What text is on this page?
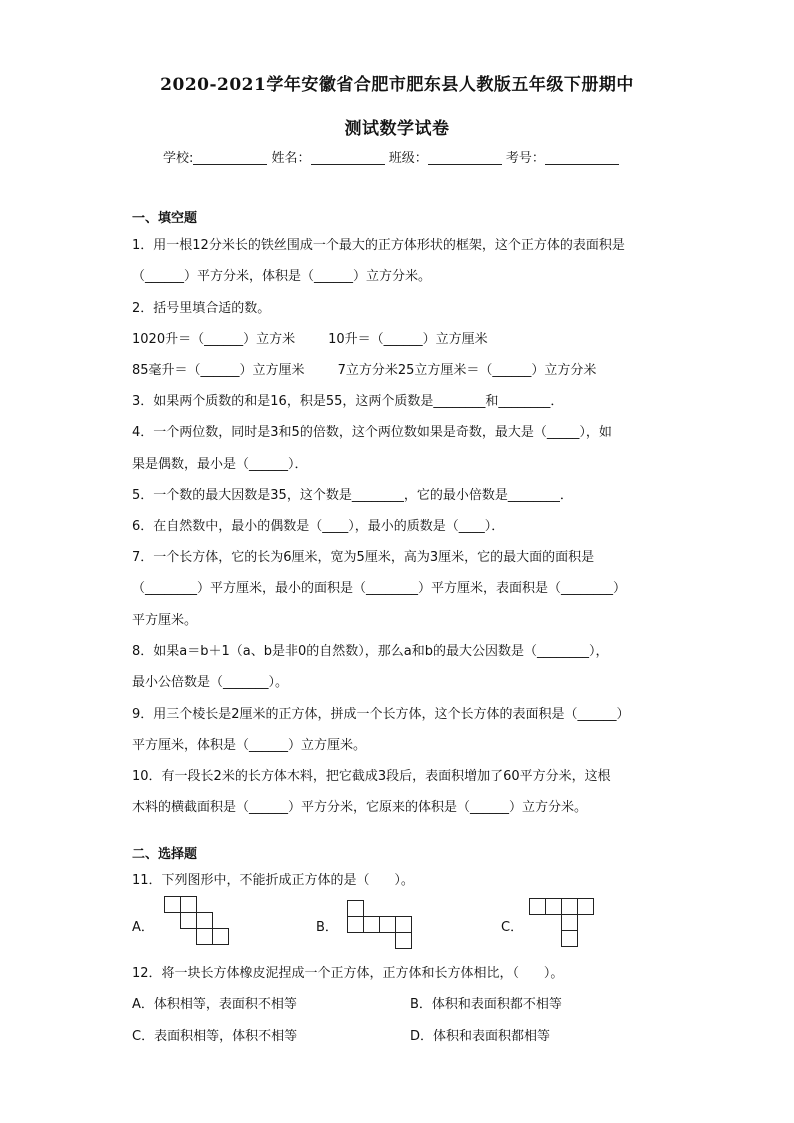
2020-2021学年安徽省合肥市肥东县人教版五年级下册期中
测试数学试卷
学校:	姓名：	班级：	考号：
一、填空题
1．用一根12分米长的铁丝围成一个最大的正方体形状的框架，这个正方体的表面积是
（______）平方分米，体积是（______）立方分米。
2．括号里填合适的数。
1020升＝（______）立方米        10升＝（______）立方厘米
85毫升＝（______）立方厘米        7立方分米25立方厘米＝（______）立方分米
3．如果两个质数的和是16，积是55，这两个质数是________和________．
4．一个两位数，同时是3和5的倍数，这个两位数如果是奇数，最大是（_____），如
果是偶数，最小是（______）．
5．一个数的最大因数是35，这个数是________，它的最小倍数是________．
6．在自然数中，最小的偶数是（____），最小的质数是（____）．
7．一个长方体，它的长为6厘米，宽为5厘米，高为3厘米，它的最大面的面积是
（________）平方厘米，最小的面积是（________）平方厘米，表面积是（________）
平方厘米。
8．如果a＝b＋1（a、b是非0的自然数），那么a和b的最大公因数是（________），
最小公倍数是（_______）。
9．用三个棱长是2厘米的正方体，拼成一个长方体，这个长方体的表面积是（______）
平方厘米，体积是（______）立方厘米。
10．有一段长2米的长方体木料，把它截成3段后，表面积增加了60平方分米，这根
木料的横截面积是（______）平方分米，它原来的体积是（______）立方分米。
二、选择题
11．下列图形中，不能折成正方体的是（      ）。
A．	B．	C．
12．将一块长方体橡皮泥捏成一个正方体，正方体和长方体相比，（      ）。
A．体积相等，表面积不相等	B．体积和表面积都不相等
C．表面积相等，体积不相等	D．体积和表面积都相等
